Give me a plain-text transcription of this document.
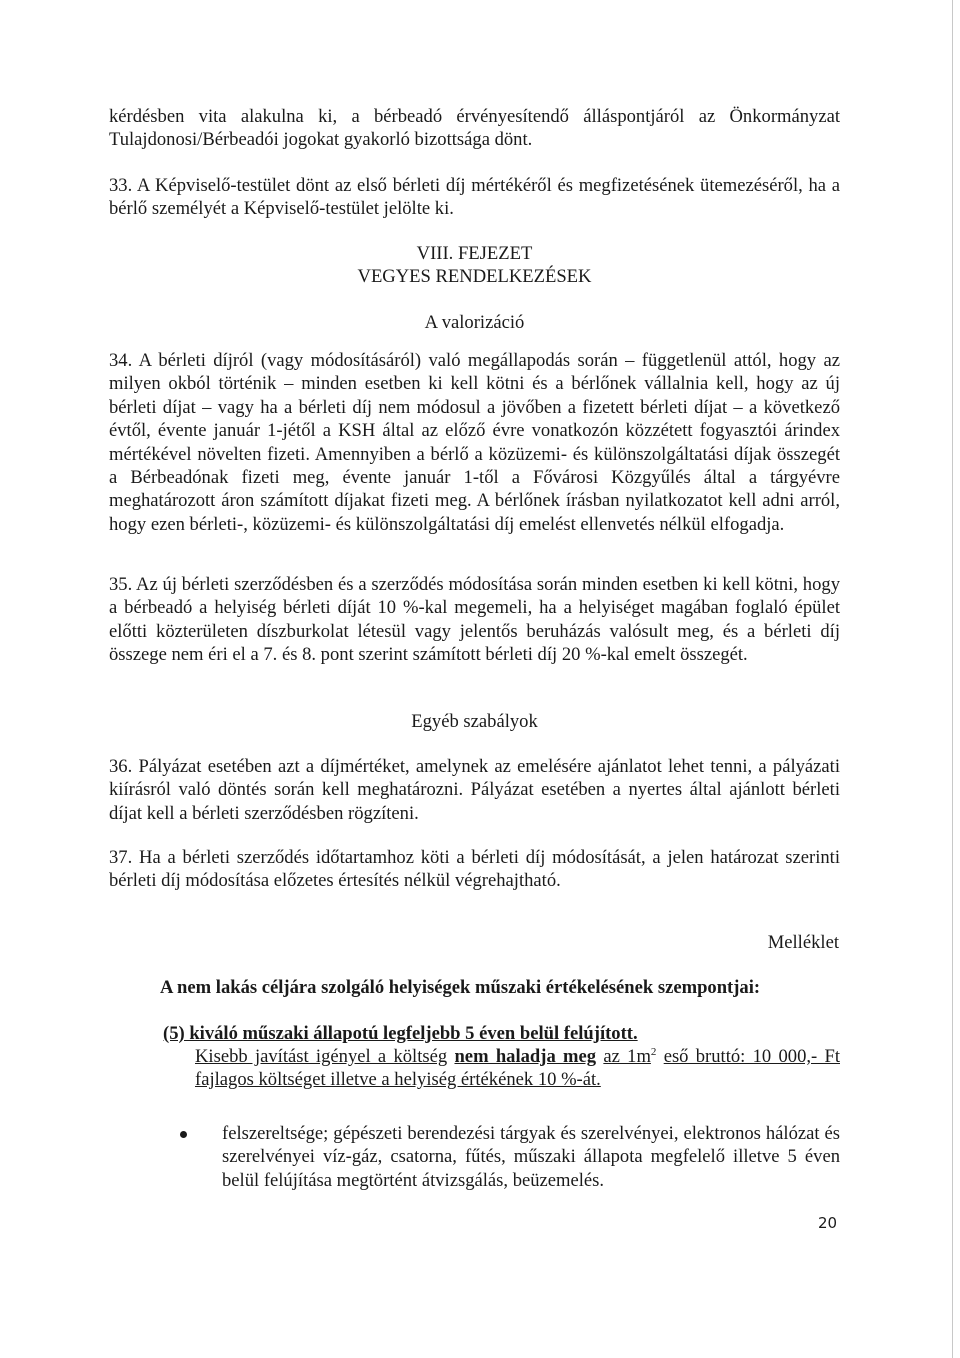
kérdésben vita alakulna ki, a bérbeadó érvényesítendő álláspontjáról az Önkormányzat Tulajdonosi/Bérbeadói jogokat gyakorló bizottsága dönt.

33. A Képviselő-testület dönt az első bérleti díj mértékéről és megfizetésének ütemezéséről, ha a bérlő személyét a Képviselő-testület jelölte ki.

VIII. FEJEZET
VEGYES RENDELKEZÉSEK
A valorizáció

34. A bérleti díjról (vagy módosításáról) való megállapodás során – függetlenül attól, hogy az milyen okból történik – minden esetben ki kell kötni és a bérlőnek vállalnia kell, hogy az új bérleti díjat – vagy ha a bérleti díj nem módosul a jövőben a fizetett bérleti díjat – a következő évtől, évente január 1-jétől a KSH által az előző évre vonatkozón közzétett fogyasztói árindex mértékével növelten fizeti. Amennyiben a bérlő a közüzemi- és különszolgáltatási díjak összegét a Bérbeadónak fizeti meg, évente január 1-től a Fővárosi Közgyűlés által a tárgyévre meghatározott áron számított díjakat fizeti meg. A bérlőnek írásban nyilatkozatot kell adni arról, hogy ezen bérleti-, közüzemi- és különszolgáltatási díj emelést ellenvetés nélkül elfogadja.

35. Az új bérleti szerződésben és a szerződés módosítása során minden esetben ki kell kötni, hogy a bérbeadó a helyiség bérleti díját 10 %-kal megemeli, ha a helyiséget magában foglaló épület előtti közterületen díszburkolat létesül vagy jelentős beruházás valósult meg, és a bérleti díj összege nem éri el a 7. és 8. pont szerint számított bérleti díj 20 %-kal emelt összegét.

Egyéb szabályok

36. Pályázat esetében azt a díjmértéket, amelynek az emelésére ajánlatot lehet tenni, a pályázati kiírásról való döntés során kell meghatározni. Pályázat esetében a nyertes által ajánlott bérleti díjat kell a bérleti szerződésben rögzíteni.

37. Ha a bérleti szerződés időtartamhoz köti a bérleti díj módosítását, a jelen határozat szerinti bérleti díj módosítása előzetes értesítés nélkül végrehajtható.

Melléklet
A nem lakás céljára szolgáló helyiségek műszaki értékelésének szempontjai:
(5) kiváló műszaki állapotú legfeljebb 5 éven belül felújított.
Kisebb javítást igényel a költség nem haladja meg az $1m^2$ eső bruttó: 10 000,- Ft fajlagos költséget illetve a helyiség értékének 10 %-át.
felszereltsége; gépészeti berendezési tárgyak és szerelvényei, elektronos hálózat és szerelvényei víz-gáz, csatorna, fűtés, műszaki állapota megfelelő illetve 5 éven belül felújítása megtörtént átvizsgálás, beüzemelés.
20
